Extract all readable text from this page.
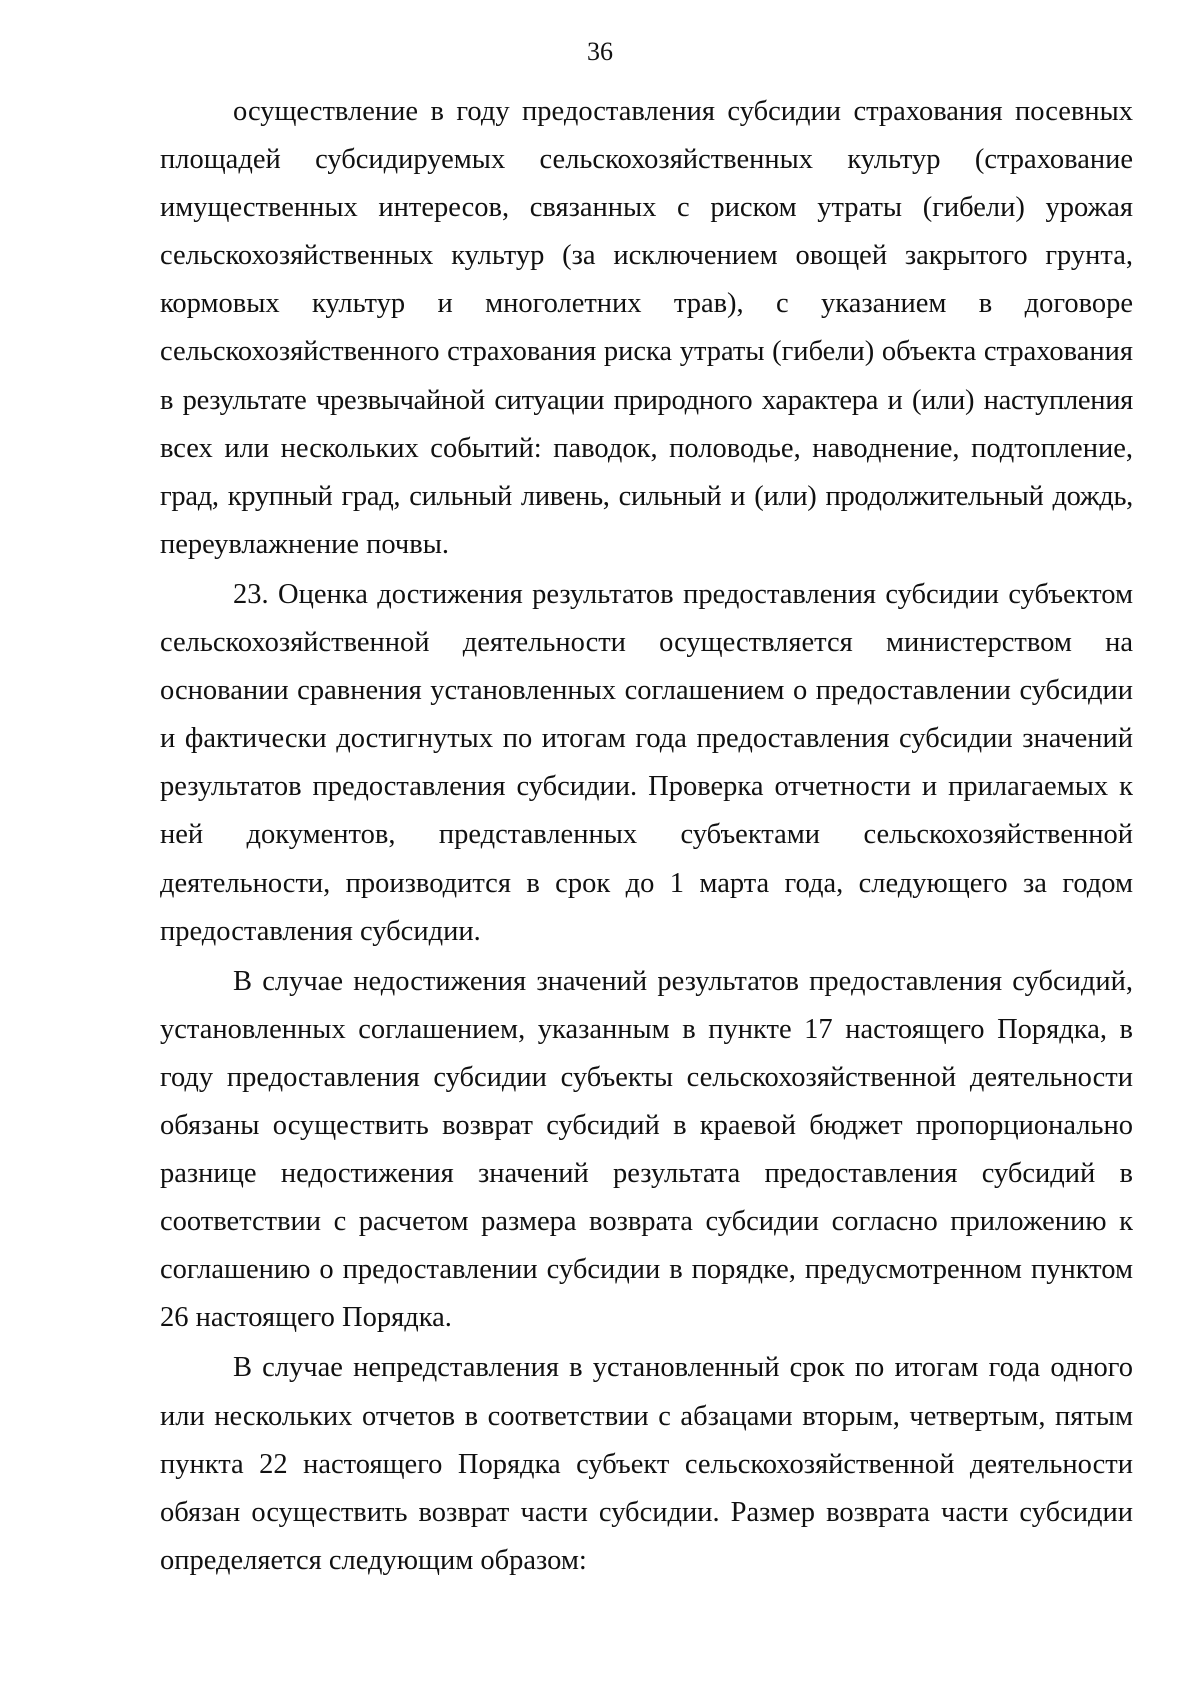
36
осуществление в году предоставления субсидии страхования посевных
площадей субсидируемых сельскохозяйственных культур (страхование
имущественных интересов, связанных с риском утраты (гибели) урожая
сельскохозяйственных культур (за исключением овощей закрытого грунта,
кормовых культур и многолетних трав), с указанием в договоре
сельскохозяйственного страхования риска утраты (гибели) объекта страхования
в результате чрезвычайной ситуации природного характера и (или) наступления
всех или нескольких событий: паводок, половодье, наводнение, подтопление,
град, крупный град, сильный ливень, сильный и (или) продолжительный дождь,
переувлажнение почвы.
23. Оценка достижения результатов предоставления субсидии субъектом
сельскохозяйственной деятельности осуществляется министерством на
основании сравнения установленных соглашением о предоставлении субсидии
и фактически достигнутых по итогам года предоставления субсидии значений
результатов предоставления субсидии. Проверка отчетности и прилагаемых к
ней документов, представленных субъектами сельскохозяйственной
деятельности, производится в срок до 1 марта года, следующего за годом
предоставления субсидии.
В случае недостижения значений результатов предоставления субсидий,
установленных соглашением, указанным в пункте 17 настоящего Порядка, в
году предоставления субсидии субъекты сельскохозяйственной деятельности
обязаны осуществить возврат субсидий в краевой бюджет пропорционально
разнице недостижения значений результата предоставления субсидий в
соответствии с расчетом размера возврата субсидии согласно приложению к
соглашению о предоставлении субсидии в порядке, предусмотренном пунктом
26 настоящего Порядка.
В случае непредставления в установленный срок по итогам года одного
или нескольких отчетов в соответствии с абзацами вторым, четвертым, пятым
пункта 22 настоящего Порядка субъект сельскохозяйственной деятельности
обязан осуществить возврат части субсидии. Размер возврата части субсидии
определяется следующим образом:
